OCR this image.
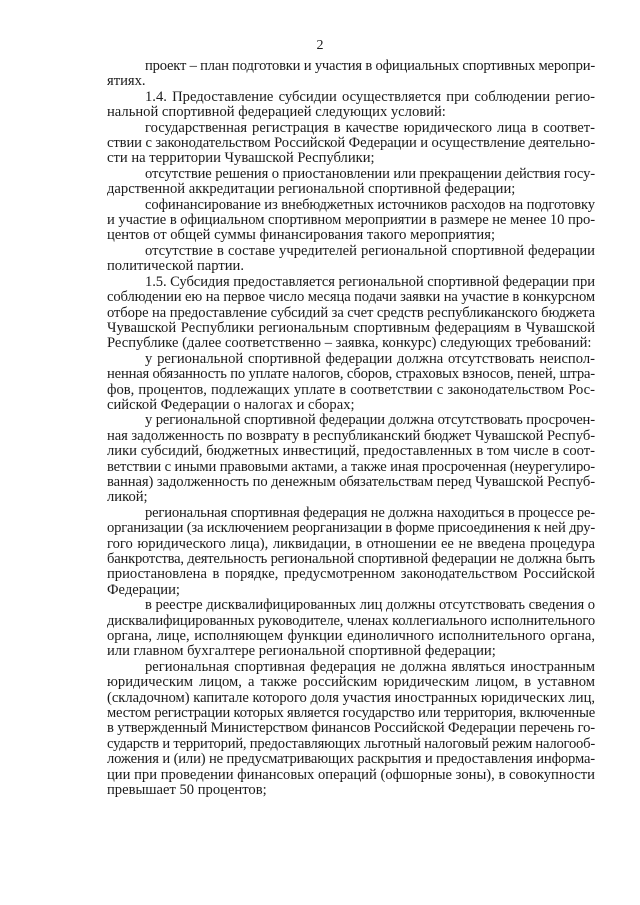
2

проект – план подготовки и участия в официальных спортивных меропри-
ятиях.
1.4. Предоставление субсидии осуществляется при соблюдении регио-
нальной спортивной федерацией следующих условий:
государственная регистрация в качестве юридического лица в соответ-
ствии с законодательством Российской Федерации и осуществление деятельно-
сти на территории Чувашской Республики;
отсутствие решения о приостановлении или прекращении действия госу-
дарственной аккредитации региональной спортивной федерации;
софинансирование из внебюджетных источников расходов на подготовку
и участие в официальном спортивном мероприятии в размере не менее 10 про-
центов от общей суммы финансирования такого мероприятия;
отсутствие в составе учредителей региональной спортивной федерации
политической партии.
1.5. Субсидия предоставляется региональной спортивной федерации при
соблюдении ею на первое число месяца подачи заявки на участие в конкурсном
отборе на предоставление субсидий за счет средств республиканского бюджета
Чувашской Республики региональным спортивным федерациям в Чувашской
Республике (далее соответственно – заявка, конкурс) следующих требований:
у региональной спортивной федерации должна отсутствовать неиспол-
ненная обязанность по уплате налогов, сборов, страховых взносов, пеней, штра-
фов, процентов, подлежащих уплате в соответствии с законодательством Рос-
сийской Федерации о налогах и сборах;
у региональной спортивной федерации должна отсутствовать просрочен-
ная задолженность по возврату в республиканский бюджет Чувашской Респуб-
лики субсидий, бюджетных инвестиций, предоставленных в том числе в соот-
ветствии с иными правовыми актами, а также иная просроченная (неурегулиро-
ванная) задолженность по денежным обязательствам перед Чувашской Респуб-
ликой;
региональная спортивная федерация не должна находиться в процессе ре-
организации (за исключением реорганизации в форме присоединения к ней дру-
гого юридического лица), ликвидации, в отношении ее не введена процедура
банкротства, деятельность региональной спортивной федерации не должна быть
приостановлена в порядке, предусмотренном законодательством Российской
Федерации;
в реестре дисквалифицированных лиц должны отсутствовать сведения о
дисквалифицированных руководителе, членах коллегиального исполнительного
органа, лице, исполняющем функции единоличного исполнительного органа,
или главном бухгалтере региональной спортивной федерации;
региональная спортивная федерация не должна являться иностранным
юридическим лицом, а также российским юридическим лицом, в уставном
(складочном) капитале которого доля участия иностранных юридических лиц,
местом регистрации которых является государство или территория, включенные
в утвержденный Министерством финансов Российской Федерации перечень го-
сударств и территорий, предоставляющих льготный налоговый режим налогооб-
ложения и (или) не предусматривающих раскрытия и предоставления информа-
ции при проведении финансовых операций (офшорные зоны), в совокупности
превышает 50 процентов;
